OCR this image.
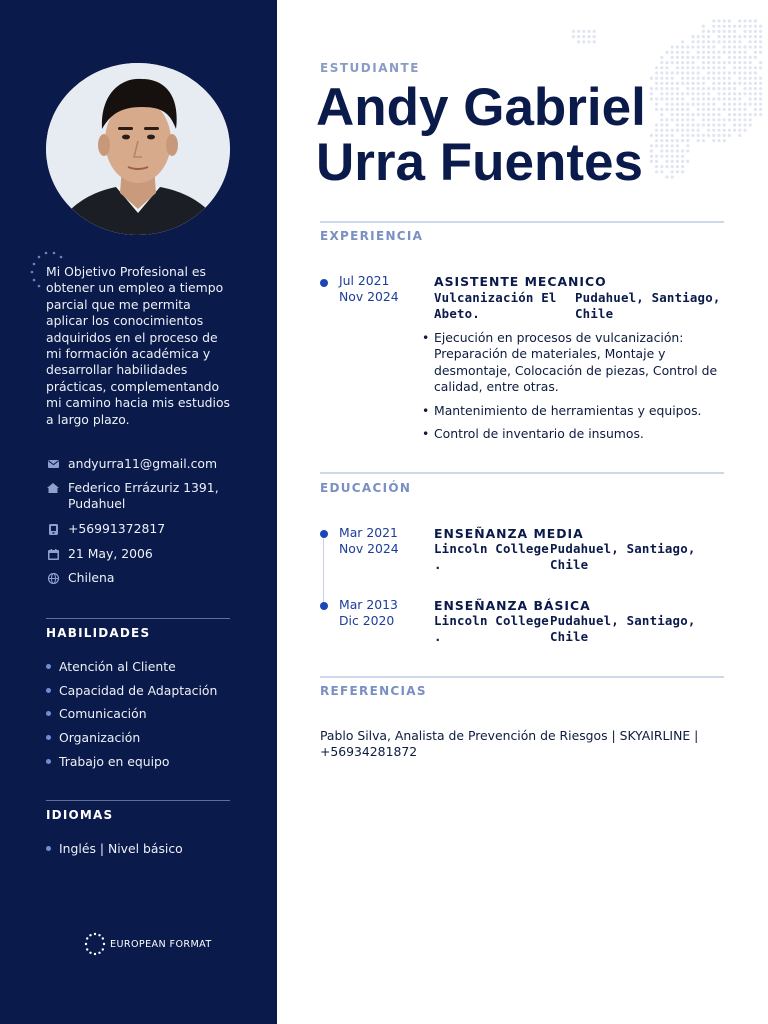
Mi Objetivo Profesional es obtener un empleo a tiempo parcial que me permita aplicar los conocimientos adquiridos en el proceso de mi formación académica y desarrollar habilidades prácticas, complementando mi camino hacia mis estudios a largo plazo.

andyurra11@gmail.com
Federico Errázuriz 1391,
Pudahuel
+56991372817
21 May, 2006
Chilena
HABILIDADES
Atención al Cliente
Capacidad de Adaptación
Comunicación
Organización
Trabajo en equipo
IDIOMAS
Inglés | Nivel básico
EUROPEAN FORMAT
ESTUDIANTE
Andy Gabriel
Urra Fuentes
EXPERIENCIA
Jul 2021
Nov 2024
ASISTENTE MECANICO
Vulcanización El
Abeto.
Pudahuel, Santiago,
Chile
• Ejecución en procesos de vulcanización: Preparación de materiales, Montaje y desmontaje, Colocación de piezas, Control de calidad, entre otras.
• Mantenimiento de herramientas y equipos.
• Control de inventario de insumos.
EDUCACIÓN
Mar 2021
Nov 2024
ENSEÑANZA MEDIA
Lincoln College
.
Pudahuel, Santiago,
Chile
Mar 2013
Dic 2020
ENSEÑANZA BÁSICA
Lincoln College
.
Pudahuel, Santiago,
Chile
REFERENCIAS

Pablo Silva, Analista de Prevención de Riesgos | SKYAIRLINE | +56934281872
